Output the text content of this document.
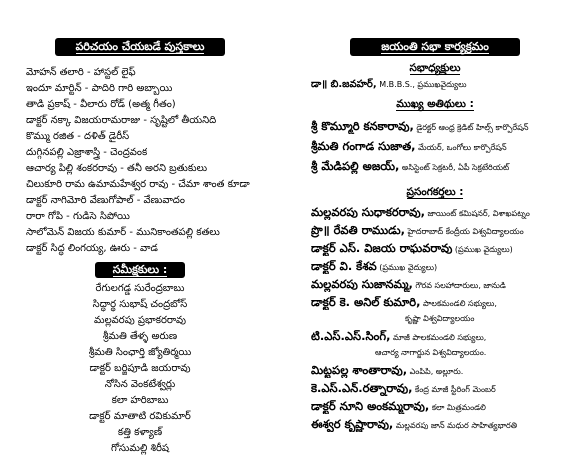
పరిచయం చేయబడే పుస్తకాలు
మోహన్ తలారి - హాస్టల్ లైఫ్
ఇందూ మార్టిన్ - పాదిరి గారి అబ్బాయి
తాడి ప్రకాష్ - వీలారు రోడ్ (అత్మ గీతం)
డాక్టర్ నక్కా విజయరామరాజు - సృష్టిలో తీయనిది
కొమ్ము రజిత - దళిత్ డైరీస్
దుగ్గినపల్లి ఎజ్రాశాస్త్రి - చెంద్రవంక
ఆచార్య పిల్లి శంకరరావు - తనీ అరని బ్రతుకులు
చిలుకూరి రామ ఉమామహేశ్వర రావు - చేమా శాంత కూడా
డాక్టర్ నాగిమోరి వేణుగోపాల్ - వేణువాదం
రారా గోపి - గుడిసె సిపోయి
సాలోమెన్ విజయ కుమార్ - మునికాంతపల్లి కతలు
డాక్టర్ సిద్ధ లింగయ్య, ఊరు - వాడ
సమీక్షకులు :
రేగులగడ్డ సురేంద్రబాబు
సిద్ధార్థ సుభాష్ చంద్రబోస్
మల్లవరపు ప్రభాకరరావు
శ్రీమతి తేళ్ళ అరుణ
శ్రీమతి సింఛార్తి జ్యోతిర్మయి
డాక్టర్ బర్జిపూడి జయరావు
నోసిన వెంకటేశ్వర్లు
కలా హరిబాబు
డాక్టర్ మాతాటి రవికుమార్
కత్తి కళ్యాణ్
గోసుమల్లి శిరీష
జయంతి సభా కార్యక్రమం
సభాధ్యక్షులు
డా॥ బి.జవహర్, M.B.B.S., ప్రముఖవైద్యులు
ముఖ్య అతిథులు :
శ్రీ కొమ్మూరి కనకారావు, డైరక్టర్ ఆంధ్ర క్రెడిట్ హిల్స్ కార్పొరేషన్
శ్రీమతి గంగాడ సుజాత, మేయర్, ఒంగోలు కార్పొరేషన్
శ్రీ మేడిపల్లి అజయ్, అసిస్టెంట్ సెక్రటరీ, ఏపీ సెక్రటేరియట్
ప్రసంగకర్తలు :
మల్లవరపు సుధాకరరావు, జాయింట్ కమిషనర్, విశాఖపట్నం
ప్రొ॥ రేవతి రాముడు, హైదరాబాద్ కేంద్రీయ విశ్వవిద్యాలయం
డాక్టర్ ఎస్. విజయ రాఘవరావు (ప్రముఖ వైద్యులు)
డాక్టర్ వి. కేశవ (ప్రముఖ వైద్యులు)
మల్లవరపు సుజానమ్మ, గౌరవ సలహాదారులు, జానుడి
డాక్టర్ కె. అనిల్ కుమారి, పాలకమండలి సభ్యులు,
కృష్ణా విశ్వవిద్యాలయం
టి.ఎస్.ఎస్.సింగ్, మాజీ పాలకమండలి సభ్యులు,
ఆచార్య నాగార్జున విశ్వవిద్యాలయం.
మిట్టపల్ల శాంతారావు, ఎంపిపి, అల్లూరు.
కె.ఎస్.ఎన్.రత్నారావు, కేంద్ర మాజీ స్టీరింగ్ మెంబర్
డాక్టర్ నూని అంకమ్మరావు, కలా మిత్రమండలి
ఈశ్వర కృష్ణారావు, మల్లవరపు జాన్ మధుర సాహిత్యభారతి
